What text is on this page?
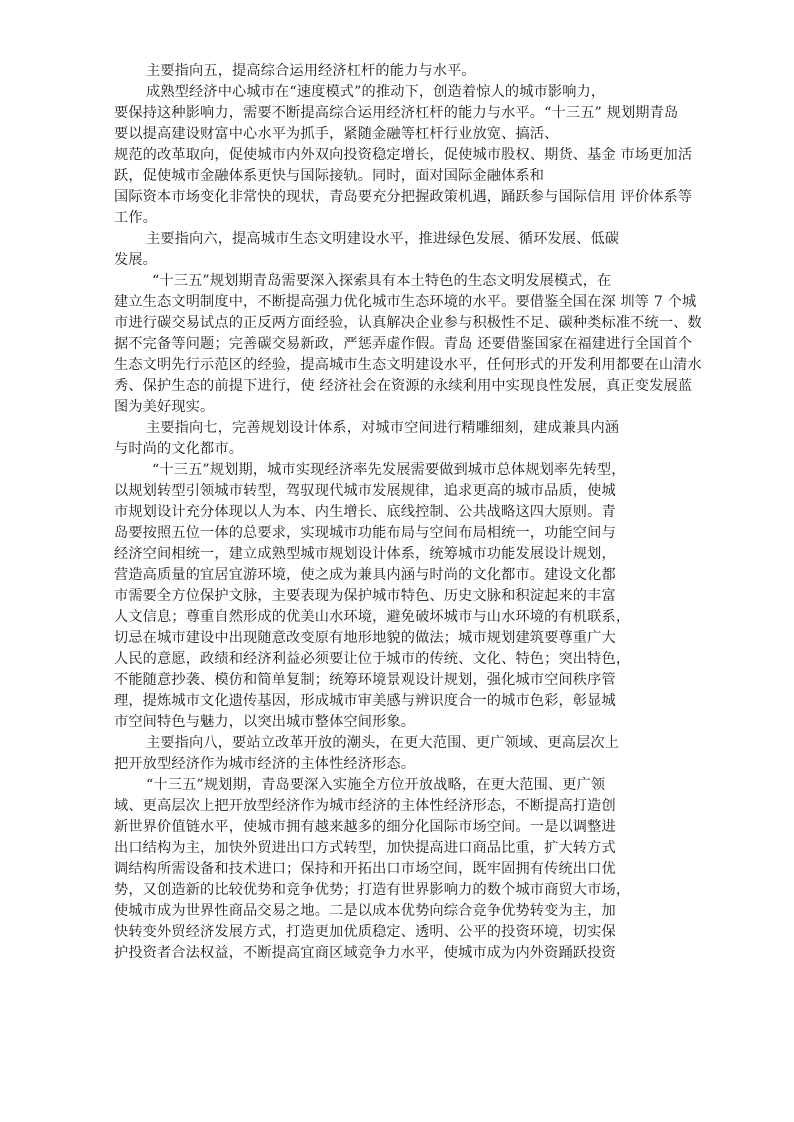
主要指向五，提高综合运用经济杠杆的能力与水平。
成熟型经济中心城市在“速度模式”的推动下，创造着惊人的城市影响力，
要保持这种影响力，需要不断提高综合运用经济杠杆的能力与水平。“十三五” 规划期青岛
要以提高建设财富中心水平为抓手，紧随金融等杠杆行业放宽、搞活、
规范的改革取向，促使城市内外双向投资稳定增长，促使城市股权、期货、基金 市场更加活
跃，促使城市金融体系更快与国际接轨。同时，面对国际金融体系和
国际资本市场变化非常快的现状，青岛要充分把握政策机遇，踊跃参与国际信用 评价体系等
工作。
主要指向六，提高城市生态文明建设水平，推进绿色发展、循环发展、低碳
发展。
“十三五”规划期青岛需要深入探索具有本土特色的生态文明发展模式，在
建立生态文明制度中，不断提高强力优化城市生态环境的水平。要借鉴全国在深 圳等 7 个城
市进行碳交易试点的正反两方面经验，认真解决企业参与积极性不足、碳种类标准不统一、数
据不完备等问题；完善碳交易新政，严惩弄虚作假。青岛 还要借鉴国家在福建进行全国首个
生态文明先行示范区的经验，提高城市生态文明建设水平，任何形式的开发利用都要在山清水
秀、保护生态的前提下进行，使 经济社会在资源的永续利用中实现良性发展，真正变发展蓝
图为美好现实。
主要指向七，完善规划设计体系，对城市空间进行精雕细刻，建成兼具内涵
与时尚的文化都市。
“十三五”规划期，城市实现经济率先发展需要做到城市总体规划率先转型，
以规划转型引领城市转型，驾驭现代城市发展规律，追求更高的城市品质，使城
市规划设计充分体现以人为本、内生增长、底线控制、公共战略这四大原则。青
岛要按照五位一体的总要求，实现城市功能布局与空间布局相统一，功能空间与
经济空间相统一，建立成熟型城市规划设计体系，统筹城市功能发展设计规划，
营造高质量的宜居宜游环境，使之成为兼具内涵与时尚的文化都市。建设文化都
市需要全方位保护文脉，主要表现为保护城市特色、历史文脉和积淀起来的丰富
人文信息；尊重自然形成的优美山水环境，避免破坏城市与山水环境的有机联系，
切忌在城市建设中出现随意改变原有地形地貌的做法；城市规划建筑要尊重广大
人民的意愿，政绩和经济利益必须要让位于城市的传统、文化、特色；突出特色，
不能随意抄袭、模仿和简单复制；统筹环境景观设计规划，强化城市空间秩序管
理，提炼城市文化遗传基因，形成城市审美感与辨识度合一的城市色彩，彰显城
市空间特色与魅力，以突出城市整体空间形象。
主要指向八，要站立改革开放的潮头，在更大范围、更广领域、更高层次上
把开放型经济作为城市经济的主体性经济形态。
“十三五”规划期，青岛要深入实施全方位开放战略，在更大范围、更广领
域、更高层次上把开放型经济作为城市经济的主体性经济形态，不断提高打造创
新世界价值链水平，使城市拥有越来越多的细分化国际市场空间。一是以调整进
出口结构为主，加快外贸进出口方式转型，加快提高进口商品比重，扩大转方式
调结构所需设备和技术进口；保持和开拓出口市场空间，既牢固拥有传统出口优
势，又创造新的比较优势和竞争优势；打造有世界影响力的数个城市商贸大市场，
使城市成为世界性商品交易之地。二是以成本优势向综合竞争优势转变为主，加
快转变外贸经济发展方式，打造更加优质稳定、透明、公平的投资环境，切实保
护投资者合法权益，不断提高宜商区域竞争力水平，使城市成为内外资踊跃投资
